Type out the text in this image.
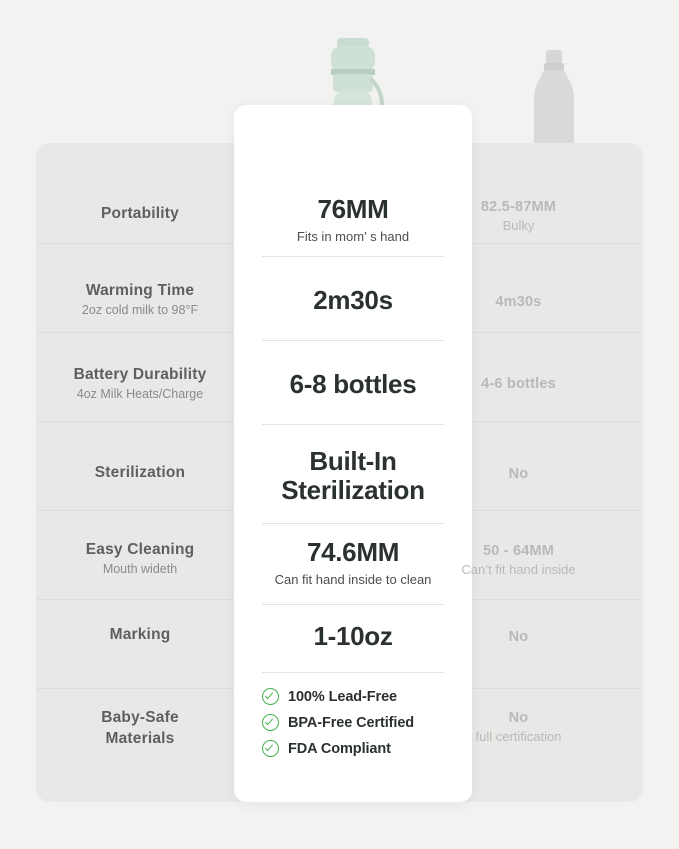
Portability
Warming Time
2oz cold milk to 98°F
Battery Durability
4oz Milk Heats/Charge
Sterilization
Easy Cleaning
Mouth wideth
Marking
Baby-Safe Materials
76MM
Fits in mom’ s hand
2m30s
6-8 bottles
Built-In Sterilization
74.6MM
Can fit hand inside to clean
1-10oz
100% Lead-Free
BPA-Free Certified
FDA Compliant
82.5-87MM
Bulky
4m30s
4-6 bottles
No
50 - 64MM
Can’t fit hand inside
No
No
full certification
